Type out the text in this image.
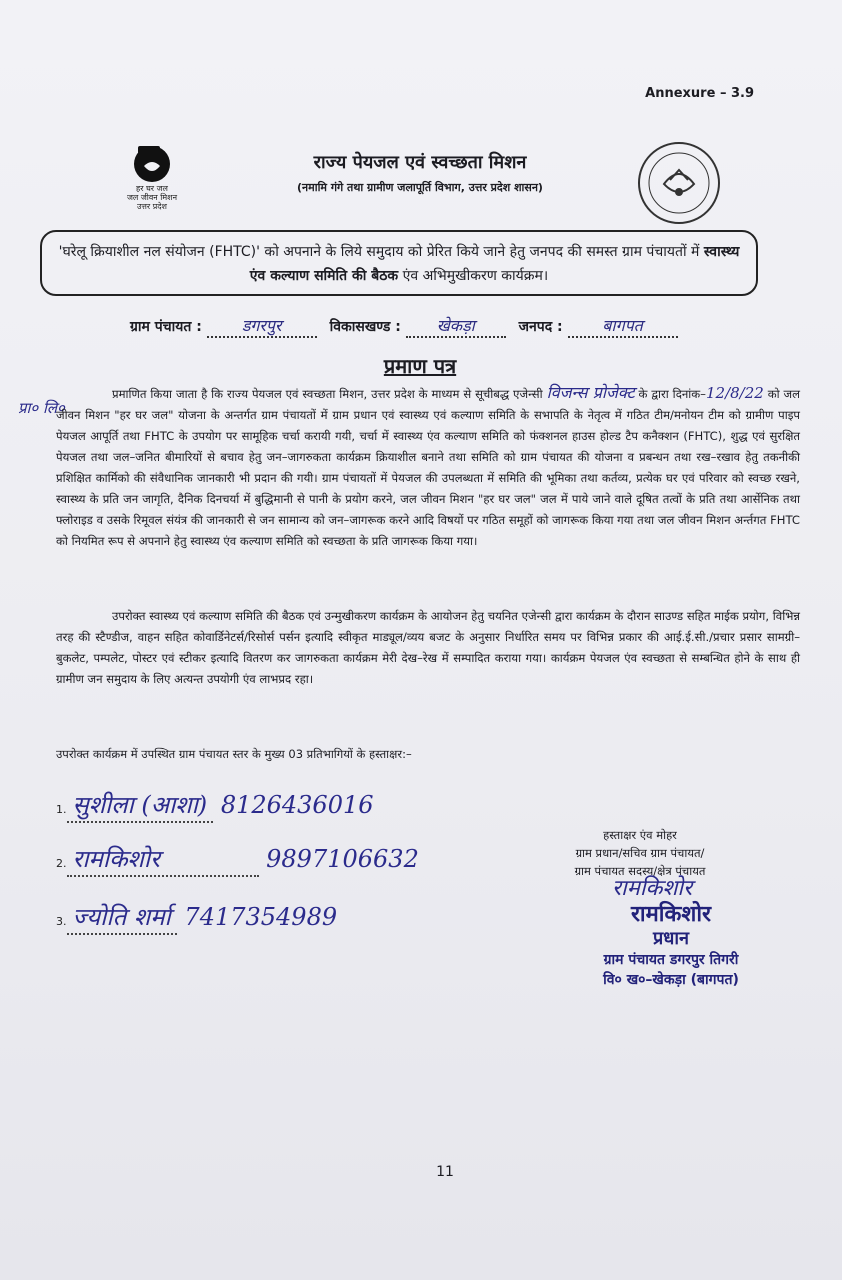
Annexure – 3.9
हर घर जल
जल जीवन मिशन
उत्तर प्रदेश
राज्य पेयजल एवं स्वच्छता मिशन
(नमामि गंगे तथा ग्रामीण जलापूर्ति विभाग, उत्तर प्रदेश शासन)
'घरेलू क्रियाशील नल संयोजन (FHTC)' को अपनाने के लिये समुदाय को प्रेरित किये जाने हेतु जनपद की समस्त ग्राम पंचायतों में स्वास्थ्य एंव कल्याण समिति की बैठक एंव अभिमुखीकरण कार्यक्रम।
ग्राम पंचायत :	डगरपुर	विकासखण्ड : खेकड़ा	जनपद : बागपत
प्रमाण पत्र
प्रा० लि०
प्रमाणित किया जाता है कि राज्य पेयजल एवं स्वच्छता मिशन, उत्तर प्रदेश के माध्यम से सूचीबद्ध एजेन्सी विजन्स प्रोजेक्ट के द्वारा दिनांक–12/8/22 को जल जीवन मिशन "हर घर जल" योजना के अन्तर्गत ग्राम पंचायतों में ग्राम प्रधान एवं स्वास्थ्य एवं कल्याण समिति के सभापति के नेतृत्व में गठित टीम/मनोयन टीम को ग्रामीण पाइप पेयजल आपूर्ति तथा FHTC के उपयोग पर सामूहिक चर्चा करायी गयी, चर्चा में स्वास्थ्य एंव कल्याण समिति को फंक्शनल हाउस होल्ड टैप कनैक्शन (FHTC), शुद्ध एवं सुरक्षित पेयजल तथा जल–जनित बीमारियों से बचाव हेतु जन–जागरुकता कार्यक्रम क्रियाशील बनाने तथा समिति को ग्राम पंचायत की योजना व प्रबन्धन तथा रख–रखाव हेतु तकनीकी प्रशिक्षित कार्मिको की संवैधानिक जानकारी भी प्रदान की गयी। ग्राम पंचायतों में पेयजल की उपलब्धता में समिति की भूमिका तथा कर्तव्य, प्रत्येक घर एवं परिवार को स्वच्छ रखने, स्वास्थ्य के प्रति जन जागृति, दैनिक दिनचर्या में बुद्धिमानी से पानी के प्रयोग करने, जल जीवन मिशन "हर घर जल" जल में पाये जाने वाले दूषित तत्वों के प्रति तथा आर्सेनिक तथा फ्लोराइड व उसके रिमूवल संयंत्र की जानकारी से जन सामान्य को जन–जागरूक करने आदि विषयों पर गठित समूहों को जागरूक किया गया तथा जल जीवन मिशन अर्न्तगत FHTC को नियमित रूप से अपनाने हेतु स्वास्थ्य एंव कल्याण समिति को स्वच्छता के प्रति जागरूक किया गया।
उपरोक्त स्वास्थ्य एवं कल्याण समिति की बैठक एवं उन्मुखीकरण कार्यक्रम के आयोजन हेतु चयनित एजेन्सी द्वारा कार्यक्रम के दौरान साउण्ड सहित माईक प्रयोग, विभिन्न तरह की स्टैण्डीज, वाहन सहित कोवार्डिनेटर्स/रिसोर्स पर्सन इत्यादि स्वीकृत माड्यूल/व्यय बजट के अनुसार निर्धारित समय पर विभिन्न प्रकार की आई.ई.सी./प्रचार प्रसार सामग्री–बुकलेट, पम्पलेट, पोस्टर एवं स्टीकर इत्यादि वितरण कर जागरुकता कार्यक्रम मेरी देख–रेख में सम्पादित कराया गया। कार्यक्रम पेयजल एंव स्वच्छता से सम्बन्धित होने के साथ ही ग्रामीण जन समुदाय के लिए अत्यन्त उपयोगी एंव लाभप्रद रहा।
उपरोक्त कार्यक्रम में उपस्थित ग्राम पंचायत स्तर के मुख्य 03 प्रतिभागियों के हस्ताक्षर:–
1. सुशीला (आशा) 8126436016
2. रामकिशोर	9897106632
3. ज्योति शर्मा 7417354989
हस्ताक्षर एंव मोहर
ग्राम प्रधान/सचिव ग्राम पंचायत/
ग्राम पंचायत सदस्य/क्षेत्र पंचायत
रामकिशोर
रामकिशोर
प्रधान
ग्राम पंचायत डगरपुर तिगरी
वि० ख०–खेकड़ा (बागपत)
11
